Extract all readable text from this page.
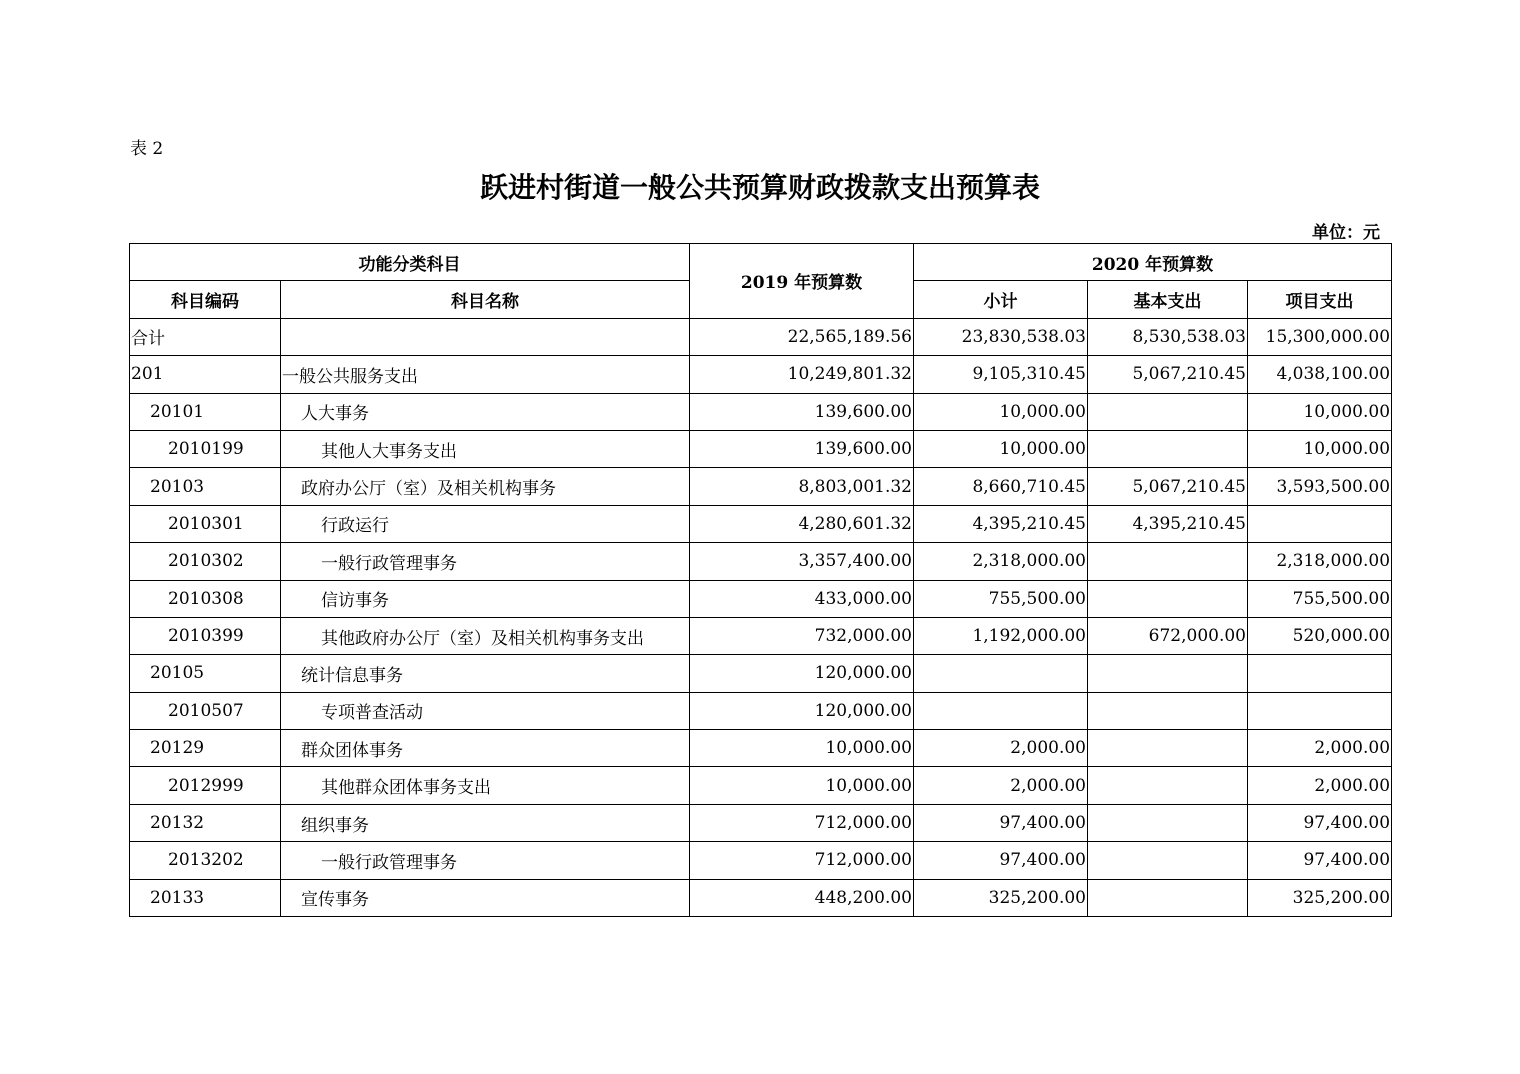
表 2
跃进村街道一般公共预算财政拨款支出预算表
单位：元
功能分类科目		2019 年预算数	2020 年预算数		
科目编码	科目名称		小计	基本支出	项目支出
合计		22,565,189.56	23,830,538.03	8,530,538.03	15,300,000.00
201	一般公共服务支出	10,249,801.32	9,105,310.45	5,067,210.45	4,038,100.00
20101	人大事务	139,600.00	10,000.00		10,000.00
2010199	其他人大事务支出	139,600.00	10,000.00		10,000.00
20103	政府办公厅（室）及相关机构事务	8,803,001.32	8,660,710.45	5,067,210.45	3,593,500.00
2010301	行政运行	4,280,601.32	4,395,210.45	4,395,210.45	
2010302	一般行政管理事务	3,357,400.00	2,318,000.00		2,318,000.00
2010308	信访事务	433,000.00	755,500.00		755,500.00
2010399	其他政府办公厅（室）及相关机构事务支出	732,000.00	1,192,000.00	672,000.00	520,000.00
20105	统计信息事务	120,000.00			
2010507	专项普查活动	120,000.00			
20129	群众团体事务	10,000.00	2,000.00		2,000.00
2012999	其他群众团体事务支出	10,000.00	2,000.00		2,000.00
20132	组织事务	712,000.00	97,400.00		97,400.00
2013202	一般行政管理事务	712,000.00	97,400.00		97,400.00
20133	宣传事务	448,200.00	325,200.00		325,200.00
